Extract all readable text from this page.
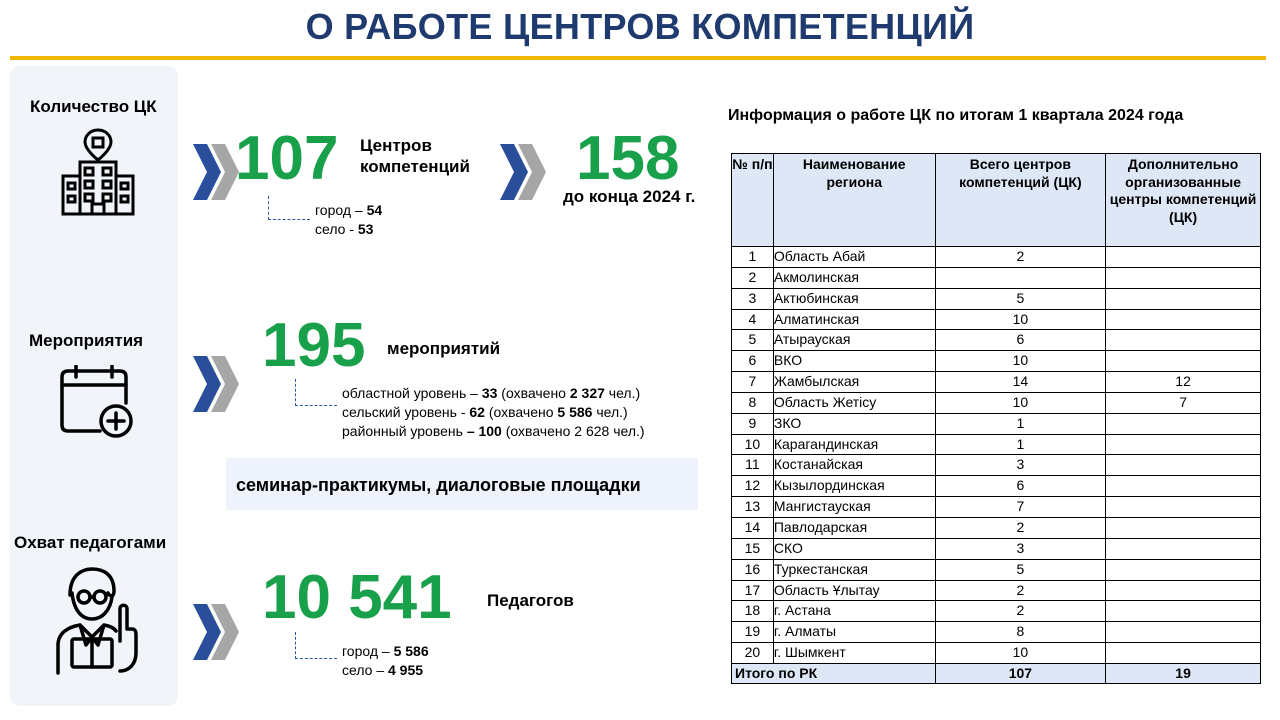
О РАБОТЕ ЦЕНТРОВ КОМПЕТЕНЦИЙ
Количество ЦК
107 Центров компетенций
город – 54
село - 53
158
до конца 2024 г.
Мероприятия 195 мероприятий
областной уровень – 33 (охвачено 2 327 чел.)
сельский уровень - 62 (охвачено 5 586 чел.)
районный уровень – 100 (охвачено 2 628 чел.)
семинар-практикумы, диалоговые площадки
Охват педагогами
10 541 Педагогов
город – 5 586
село – 4 955
Информация о работе ЦК по итогам 1 квартала 2024 года
№ п/п	Наименование региона	Всего центров компетенций (ЦК)	Дополнительно организованные центры компетенций (ЦК)
1	Область Абай	2	
2	Акмолинская		
3	Актюбинская	5	
4	Алматинская	10	
5	Атырауская	6	
6	ВКО	10	
7	Жамбылская	14	12
8	Область Жетісу	10	7
9	ЗКО	1	
10	Карагандинская	1	
11	Костанайская	3	
12	Кызылординская	6	
13	Мангистауская	7	
14	Павлодарская	2	
15	СКО	3	
16	Туркестанская	5	
17	Область Ұлытау	2	
18	г. Астана	2	
19	г. Алматы	8	
20	г. Шымкент	10	
Итого по РК		107	19
